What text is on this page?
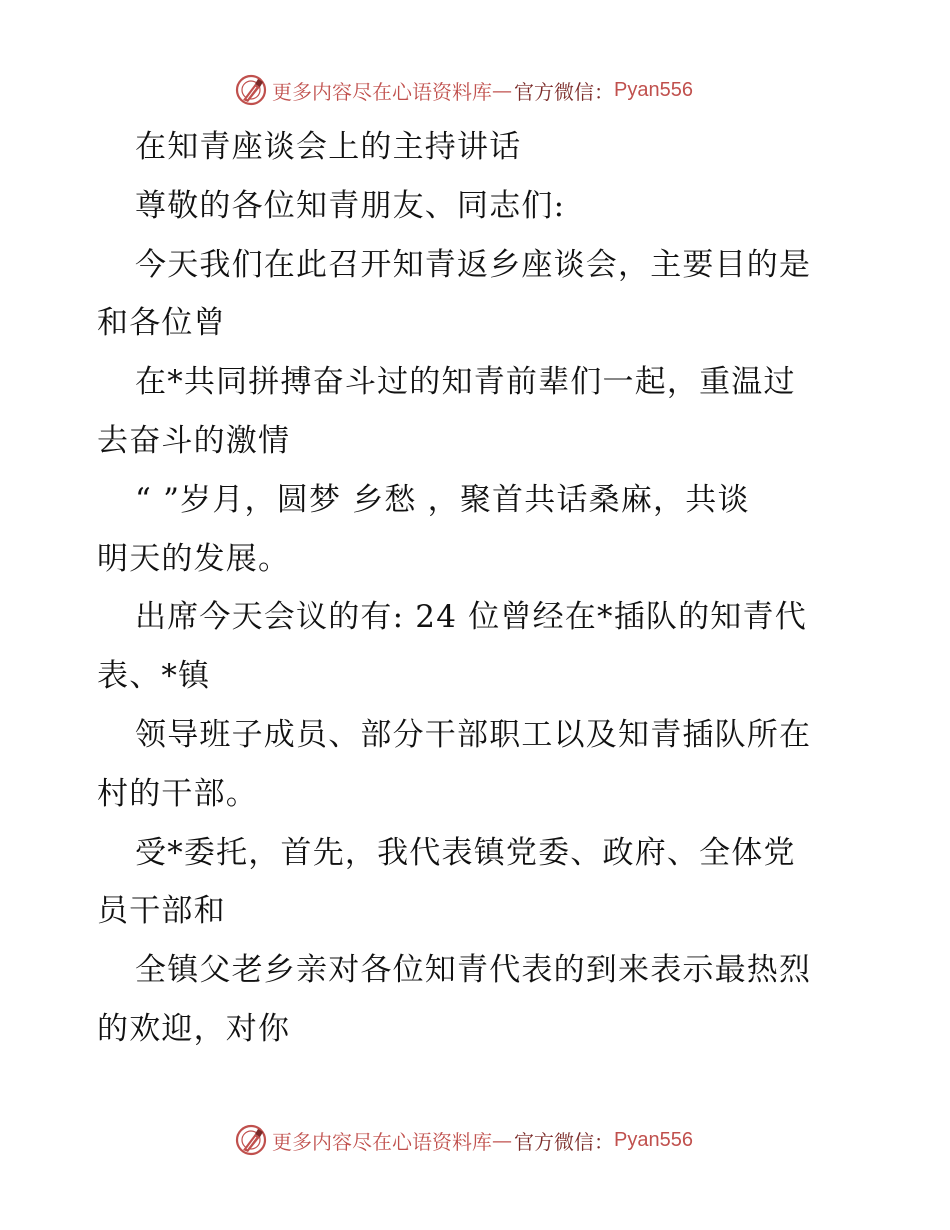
更多内容尽在心语资料库 — 官方微信： Pyan556
在知青座谈会上的主持讲话
尊敬的各位知青朋友、同志们:
今天我们在此召开知青返乡座谈会，主要目的是
和各位曾
在*共同拼搏奋斗过的知青前辈们一起，重温过
去奋斗的激情
“ ”岁月，圆梦 乡愁 ，聚首共话桑麻，共谈
明天的发展。
出席今天会议的有: 24 位曾经在*插队的知青代
表、*镇
领导班子成员、部分干部职工以及知青插队所在
村的干部。
受*委托，首先，我代表镇党委、政府、全体党
员干部和
全镇父老乡亲对各位知青代表的到来表示最热烈
的欢迎，对你
更多内容尽在心语资料库 — 官方微信： Pyan556
